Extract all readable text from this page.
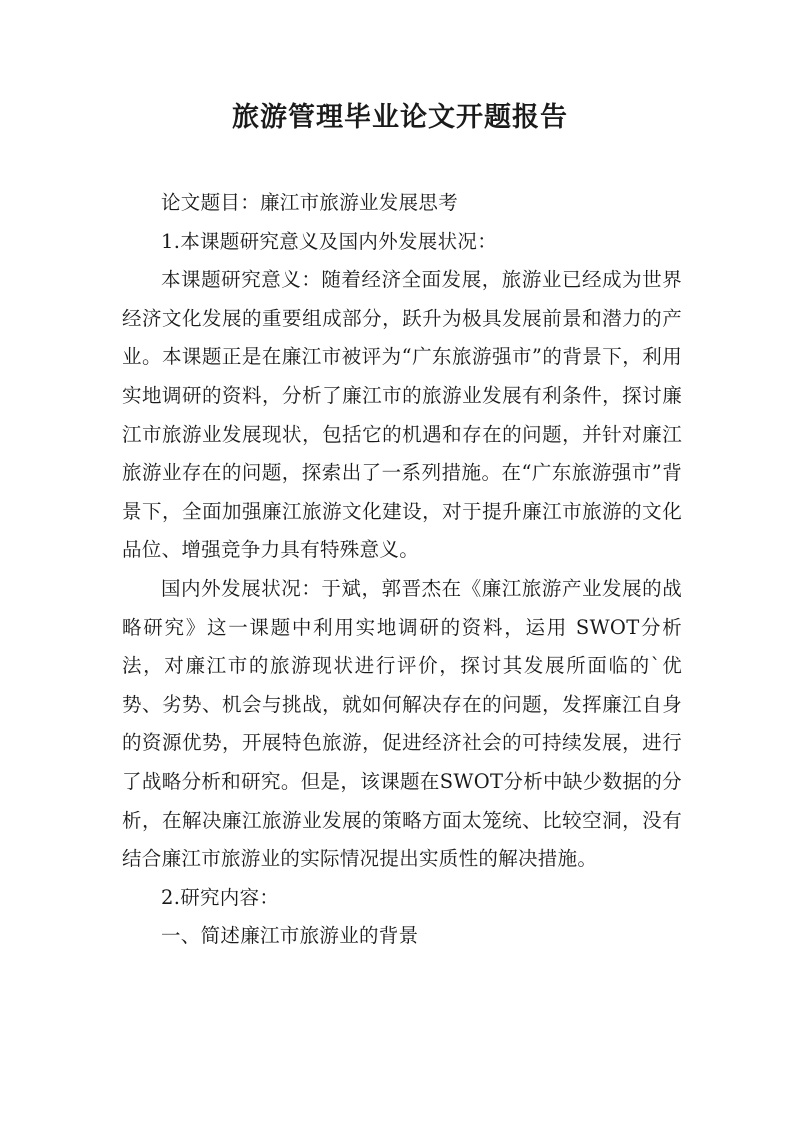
旅游管理毕业论文开题报告

论文题目：廉江市旅游业发展思考

1.本课题研究意义及国内外发展状况：

本课题研究意义：随着经济全面发展，旅游业已经成为世界经济文化发展的重要组成部分，跃升为极具发展前景和潜力的产业。本课题正是在廉江市被评为“广东旅游强市”的背景下，利用实地调研的资料，分析了廉江市的旅游业发展有利条件，探讨廉江市旅游业发展现状，包括它的机遇和存在的问题，并针对廉江旅游业存在的问题，探索出了一系列措施。在“广东旅游强市”背景下，全面加强廉江旅游文化建设，对于提升廉江市旅游的文化品位、增强竞争力具有特殊意义。

国内外发展状况：于斌，郭晋杰在《廉江旅游产业发展的战略研究》这一课题中利用实地调研的资料，运用 SWOT分析法，对廉江市的旅游现状进行评价，探讨其发展所面临的`优势、劣势、机会与挑战，就如何解决存在的问题，发挥廉江自身的资源优势，开展特色旅游，促进经济社会的可持续发展，进行了战略分析和研究。但是，该课题在SWOT分析中缺少数据的分析，在解决廉江旅游业发展的策略方面太笼统、比较空洞，没有结合廉江市旅游业的实际情况提出实质性的解决措施。

2.研究内容：

一、简述廉江市旅游业的背景
